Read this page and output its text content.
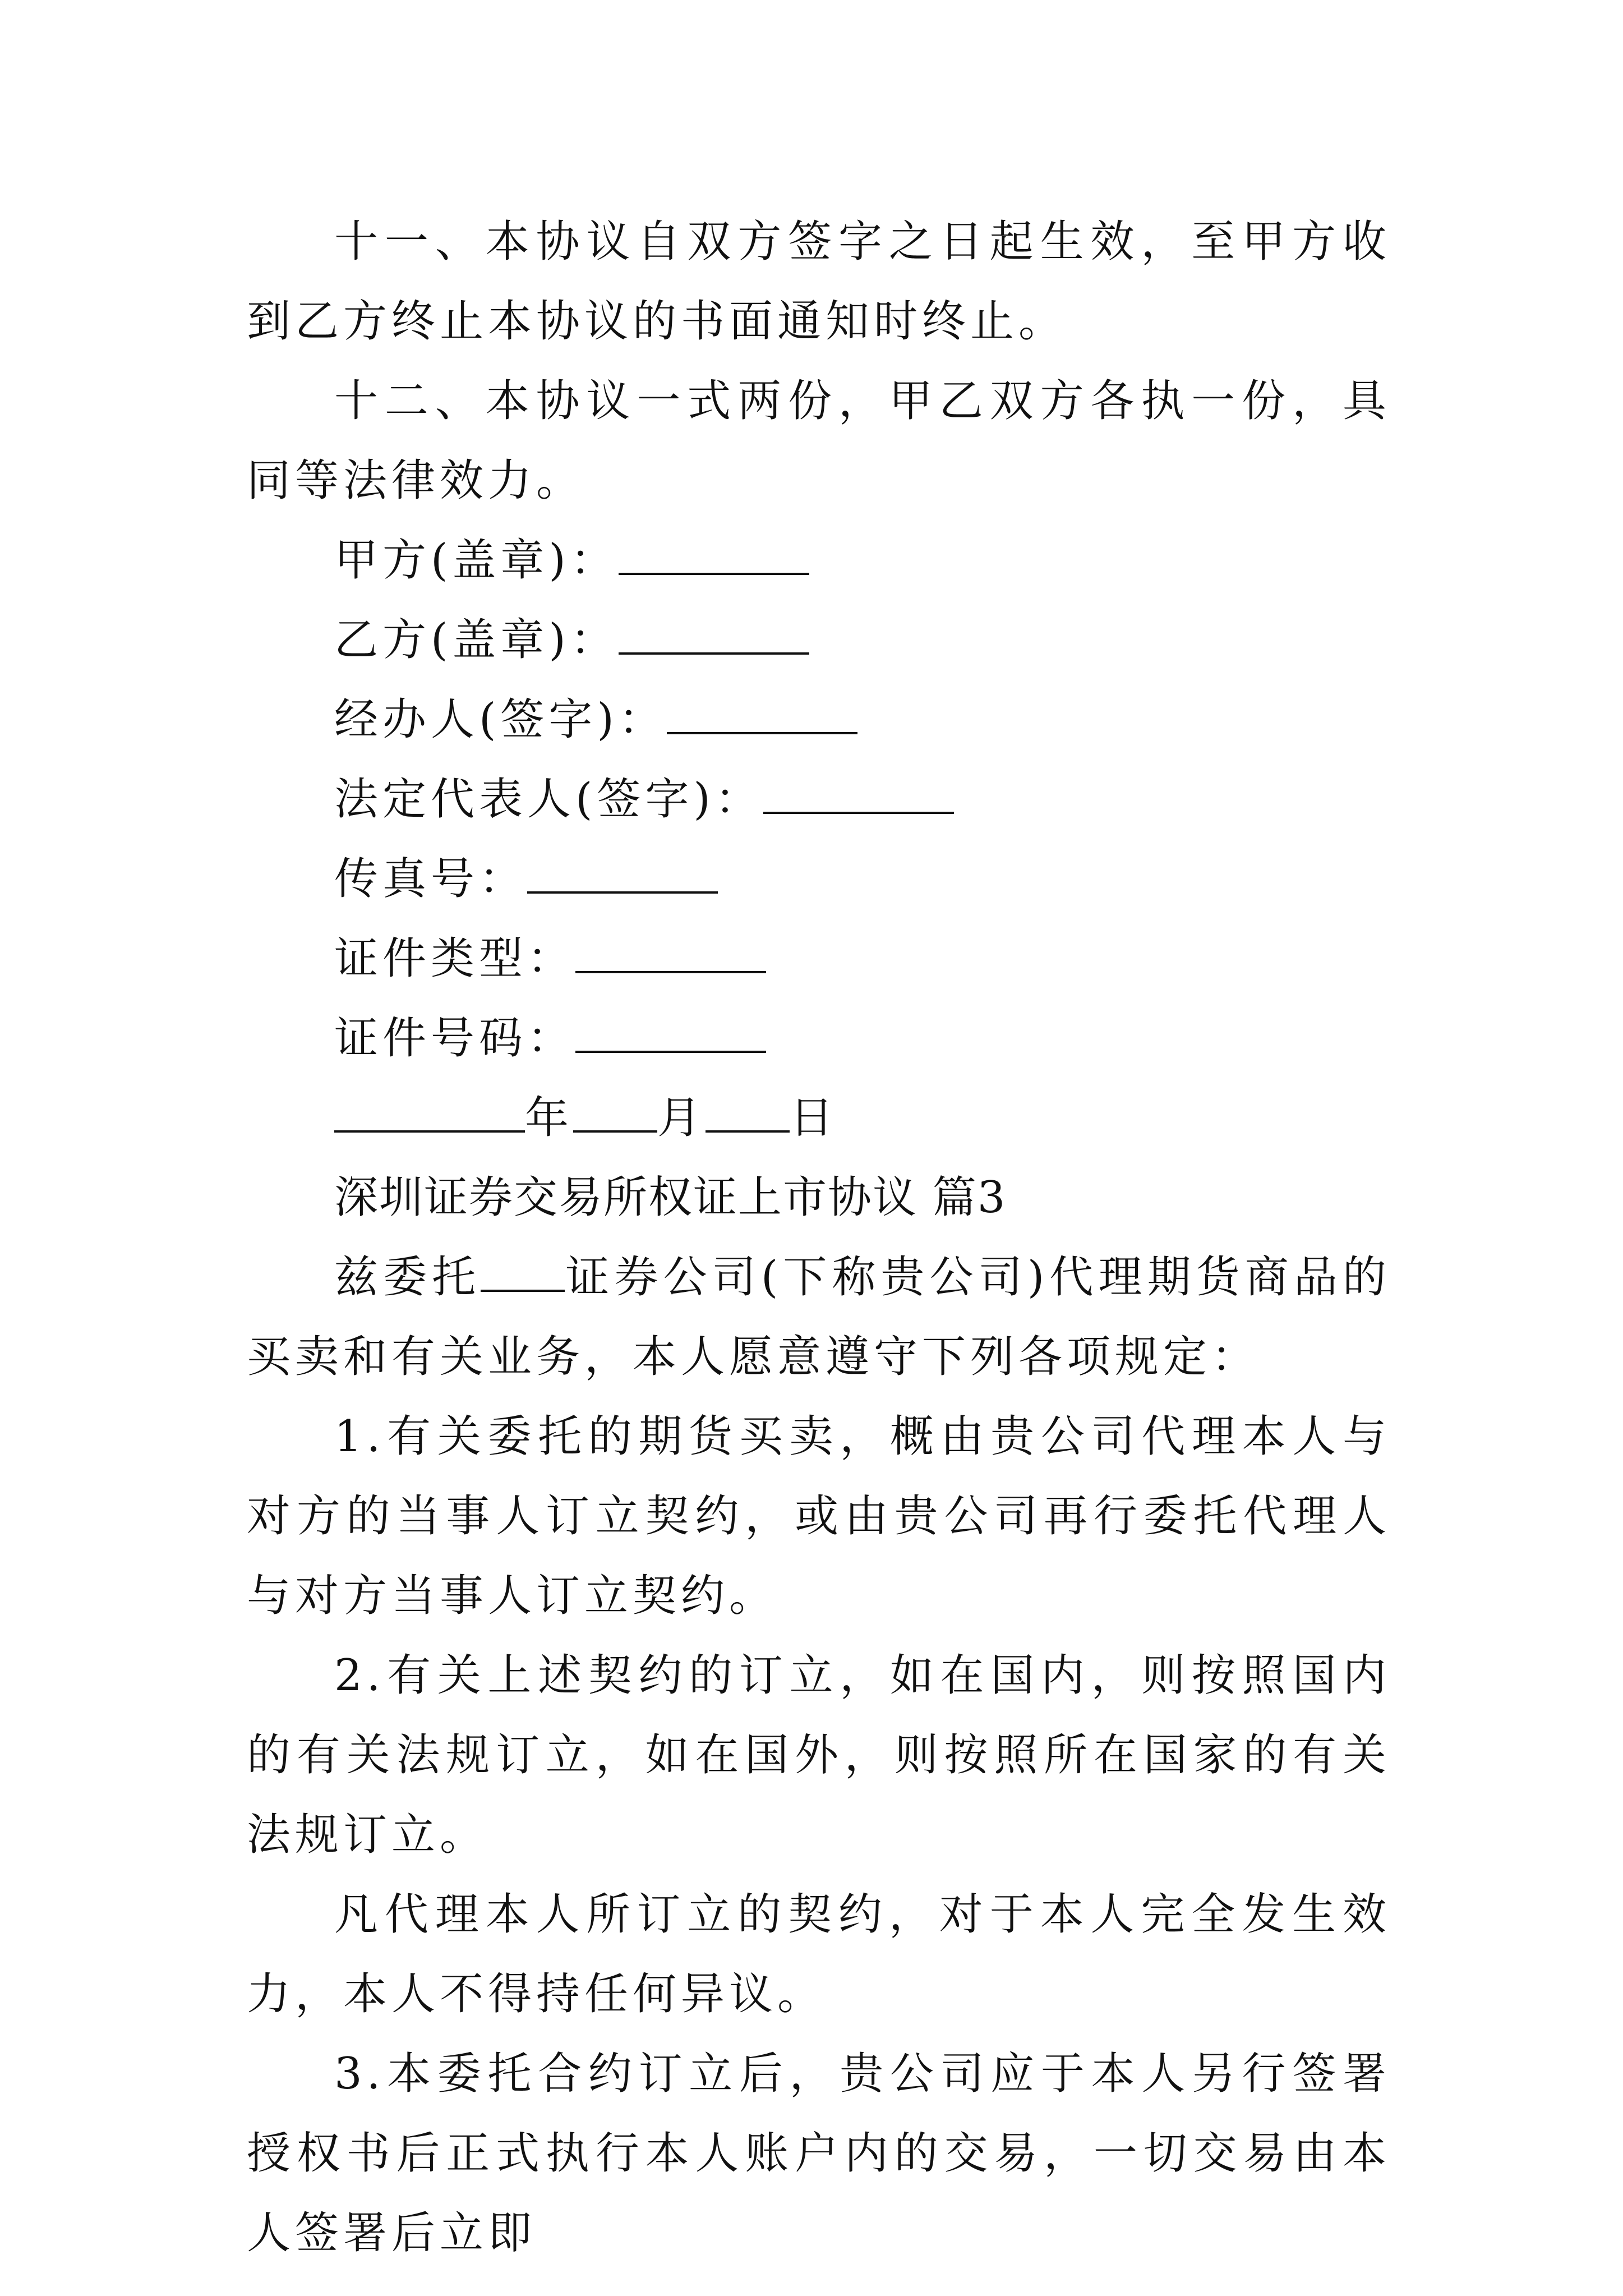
十一、本协议自双方签字之日起生效，至甲方收到乙方终止本协议的书面通知时终止。

十二、本协议一式两份，甲乙双方各执一份，具同等法律效力。

甲方(盖章)：

乙方(盖章)：

经办人(签字)：

法定代表人(签字)：

传真号：

证件类型：

证件号码：

年 月 日

深圳证券交易所权证上市协议 篇3

兹委托 证券公司(下称贵公司)代理期货商品的买卖和有关业务，本人愿意遵守下列各项规定：

1.有关委托的期货买卖，概由贵公司代理本人与对方的当事人订立契约，或由贵公司再行委托代理人与对方当事人订立契约。

2.有关上述契约的订立，如在国内，则按照国内的有关法规订立，如在国外，则按照所在国家的有关法规订立。

凡代理本人所订立的契约，对于本人完全发生效力，本人不得持任何异议。

3.本委托合约订立后，贵公司应于本人另行签署授权书后正式执行本人账户内的交易，一切交易由本人签署后立即
